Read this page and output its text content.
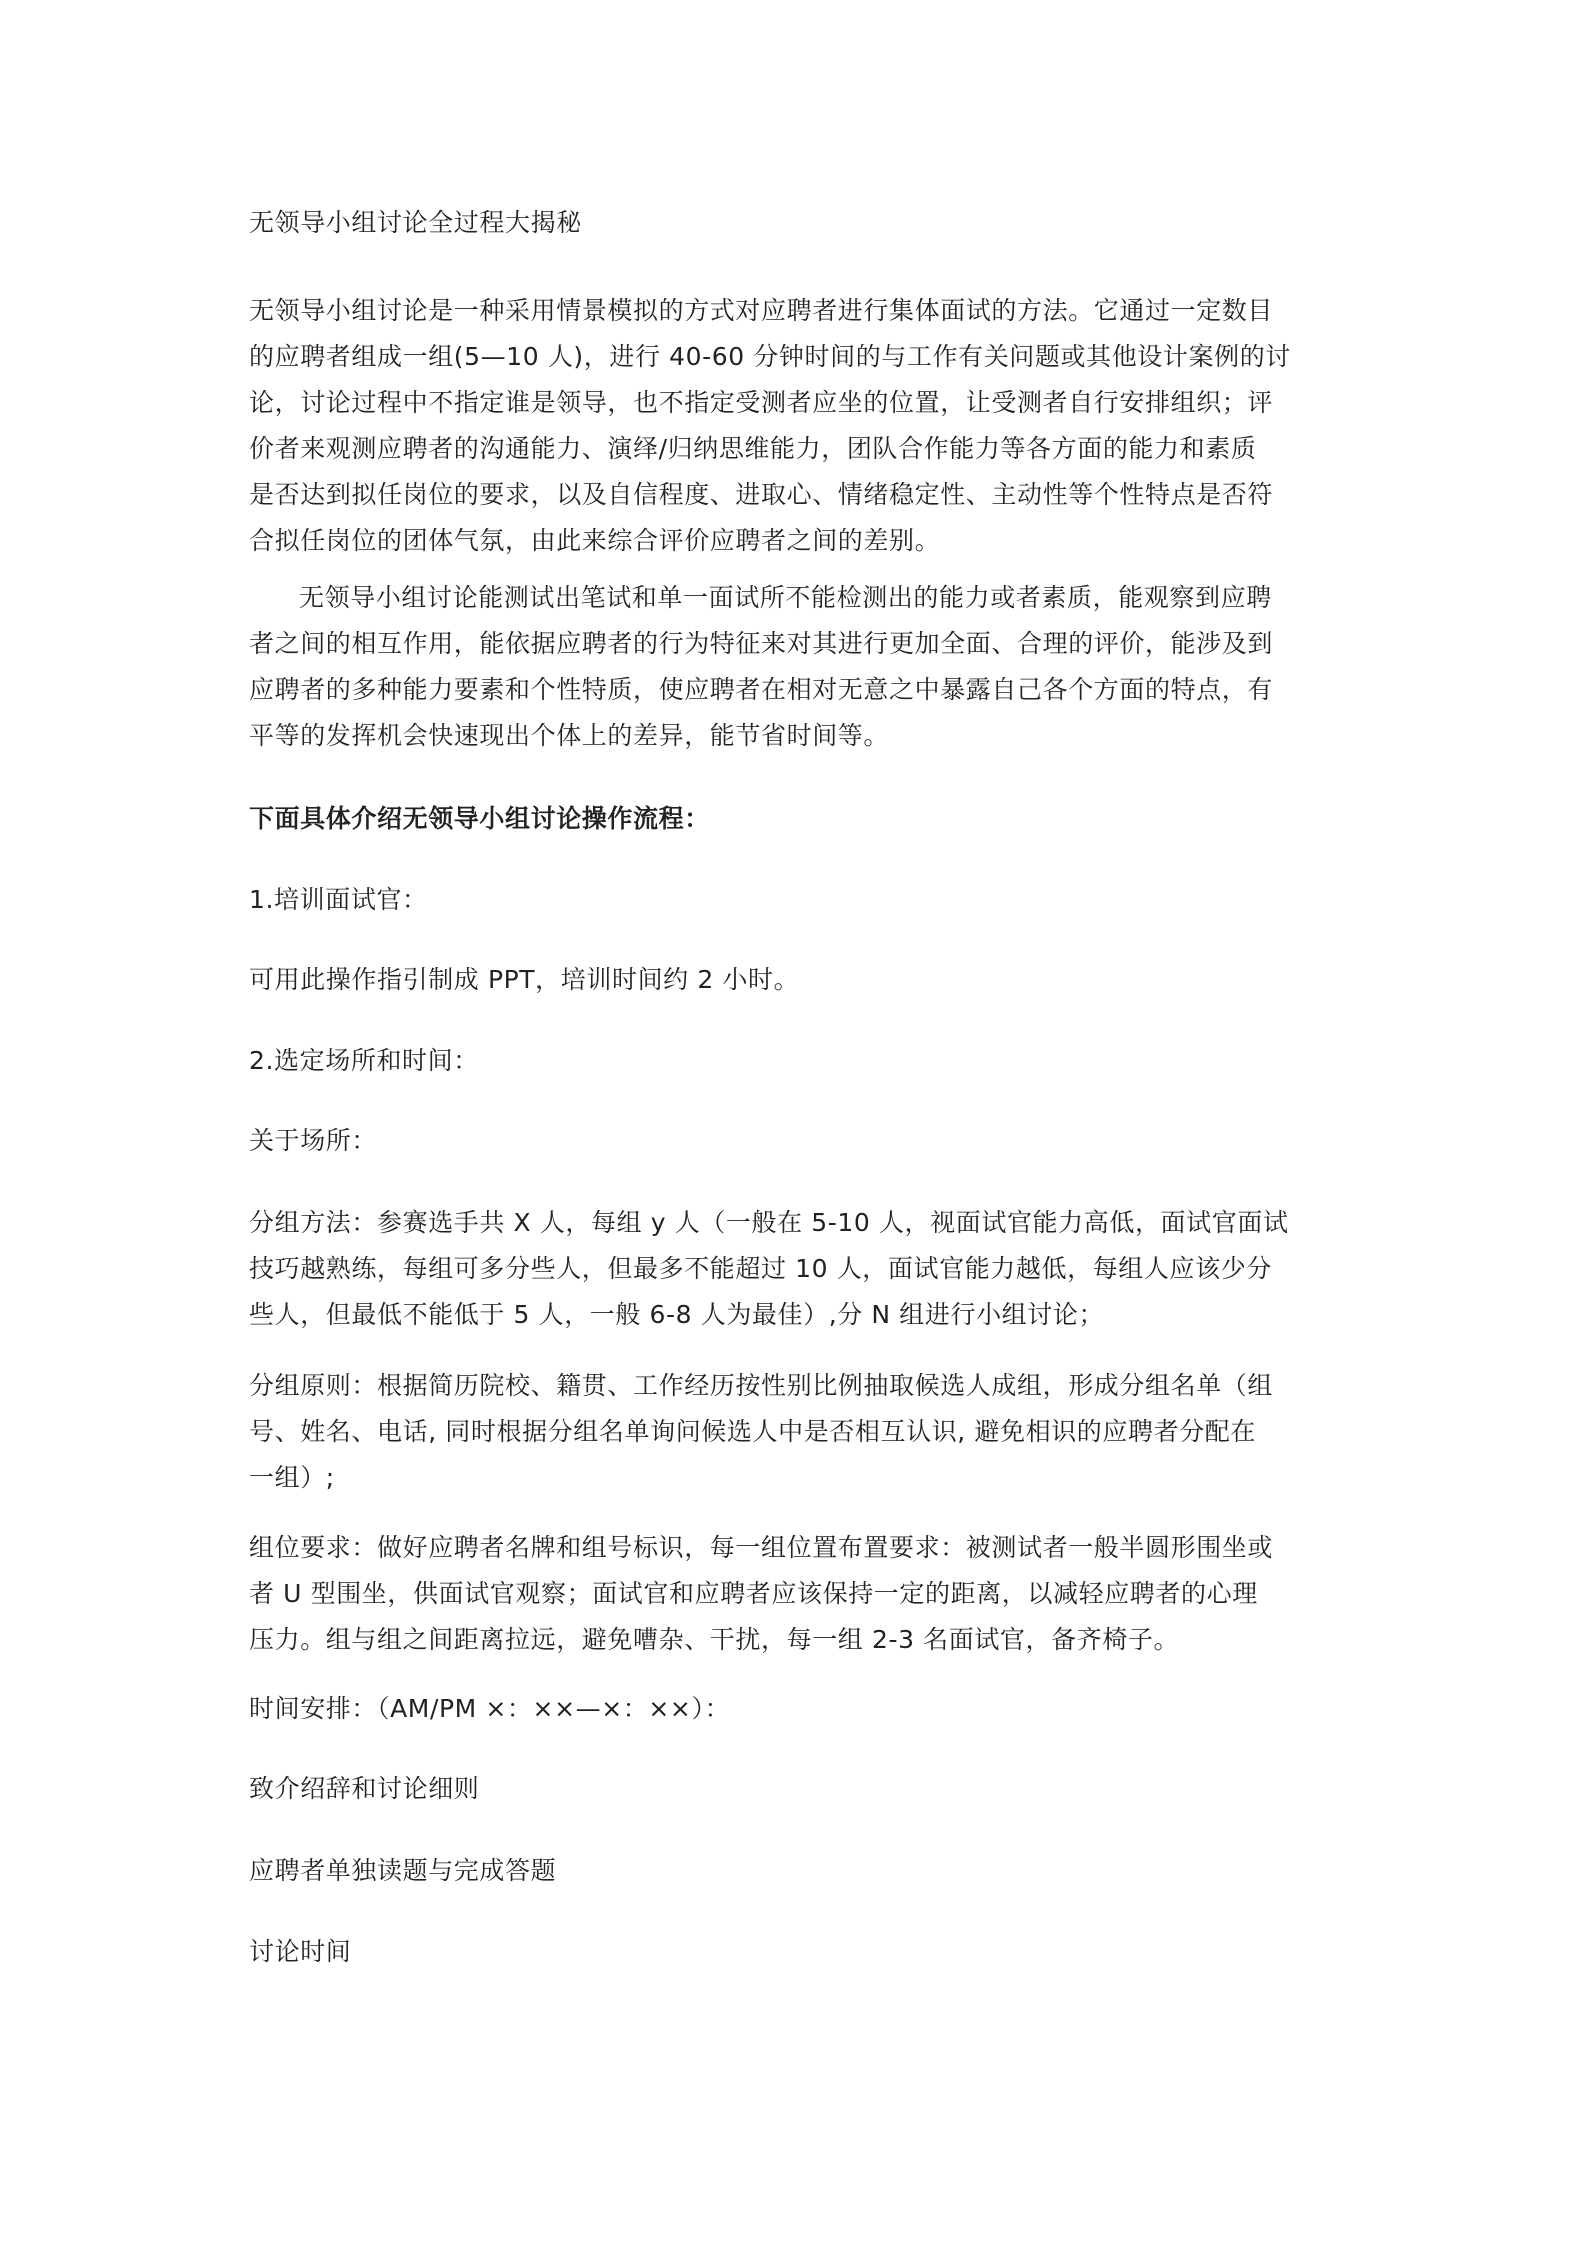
无领导小组讨论全过程大揭秘
无领导小组讨论是一种采用情景模拟的方式对应聘者进行集体面试的方法。它通过一定数目
的应聘者组成一组(5—10 人)，进行 40-60 分钟时间的与工作有关问题或其他设计案例的讨
论，讨论过程中不指定谁是领导，也不指定受测者应坐的位置，让受测者自行安排组织；评
价者来观测应聘者的沟通能力、演绎/归纳思维能力，团队合作能力等各方面的能力和素质
是否达到拟任岗位的要求，以及自信程度、进取心、情绪稳定性、主动性等个性特点是否符
合拟任岗位的团体气氛，由此来综合评价应聘者之间的差别。
无领导小组讨论能测试出笔试和单一面试所不能检测出的能力或者素质，能观察到应聘
者之间的相互作用，能依据应聘者的行为特征来对其进行更加全面、合理的评价，能涉及到
应聘者的多种能力要素和个性特质，使应聘者在相对无意之中暴露自己各个方面的特点，有
平等的发挥机会快速现出个体上的差异，能节省时间等。
下面具体介绍无领导小组讨论操作流程：
1.培训面试官：
可用此操作指引制成 PPT，培训时间约 2 小时。
2.选定场所和时间：
关于场所：
分组方法：参赛选手共 X 人，每组 y 人（一般在 5-10 人，视面试官能力高低，面试官面试
技巧越熟练，每组可多分些人，但最多不能超过 10 人，面试官能力越低，每组人应该少分
些人，但最低不能低于 5 人，一般 6-8 人为最佳）,分 N 组进行小组讨论；
分组原则：根据简历院校、籍贯、工作经历按性别比例抽取候选人成组，形成分组名单（组
号、姓名、电话, 同时根据分组名单询问候选人中是否相互认识, 避免相识的应聘者分配在
一组）;
组位要求：做好应聘者名牌和组号标识，每一组位置布置要求：被测试者一般半圆形围坐或
者 U 型围坐，供面试官观察；面试官和应聘者应该保持一定的距离，以减轻应聘者的心理
压力。组与组之间距离拉远，避免嘈杂、干扰，每一组 2-3 名面试官，备齐椅子。
时间安排：（AM/PM ×：××—×：××）：
致介绍辞和讨论细则
应聘者单独读题与完成答题
讨论时间
